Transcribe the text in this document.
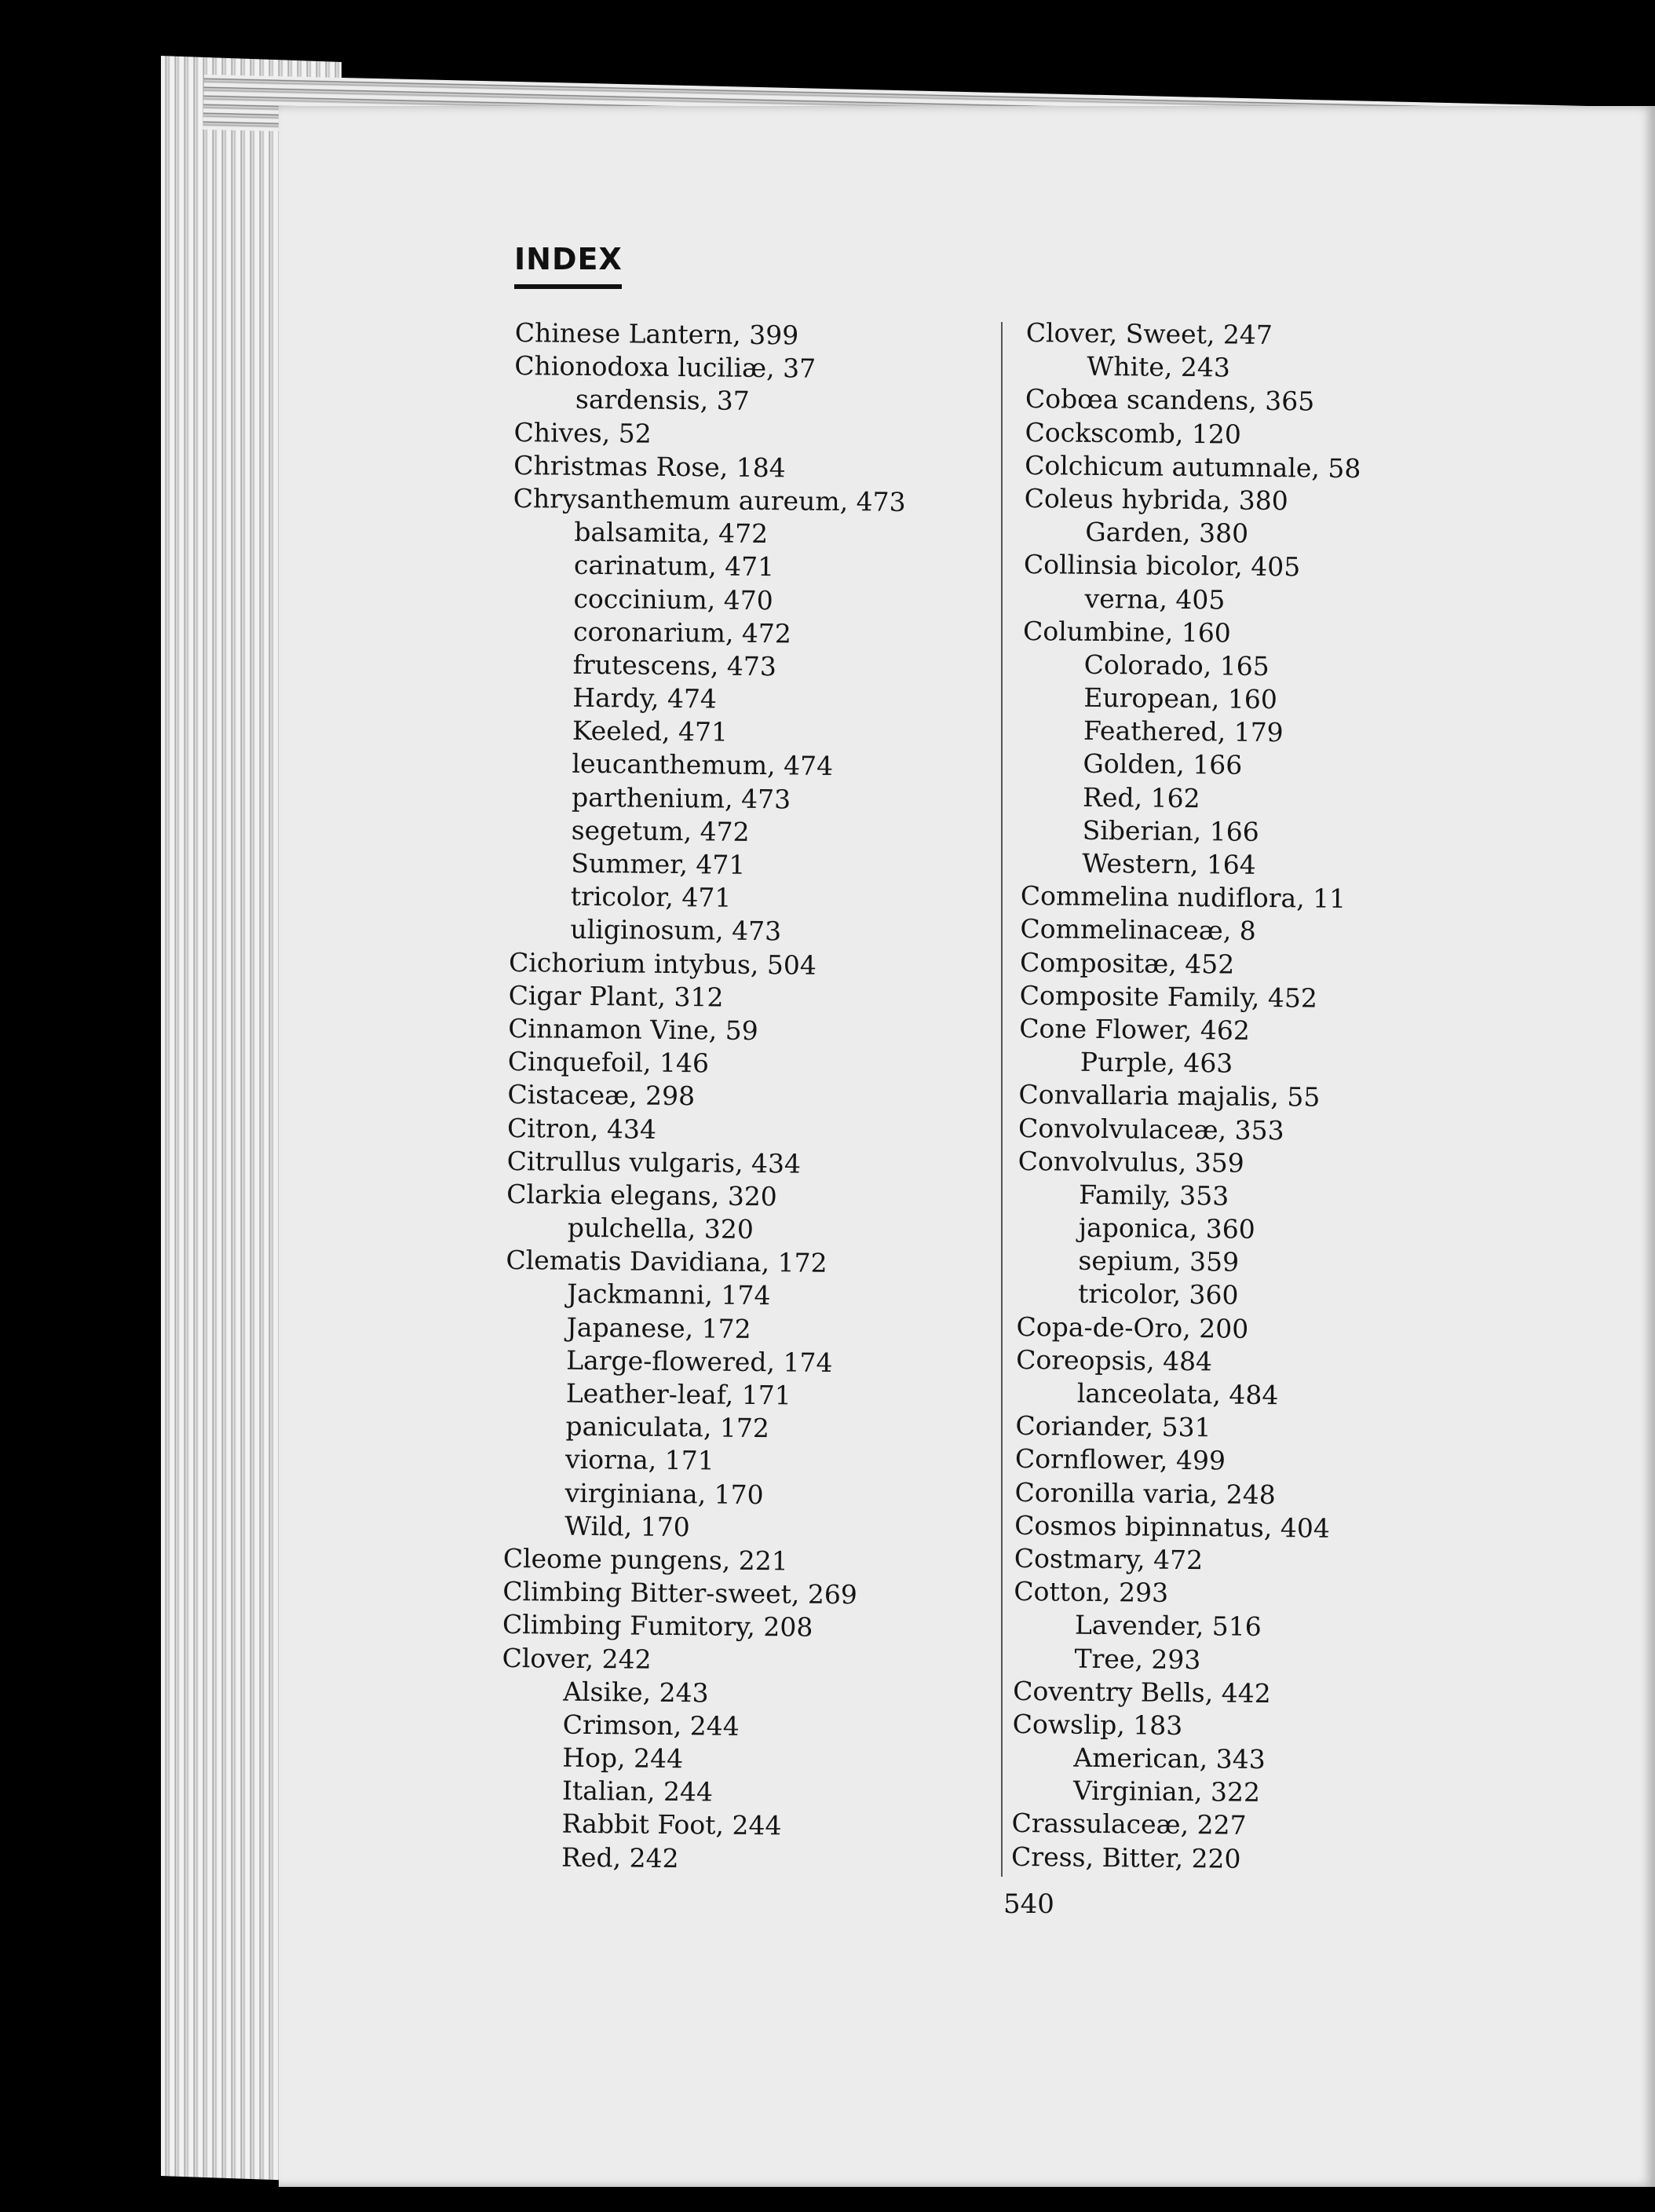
INDEX
Chinese Lantern, 399
Chionodoxa luciliæ, 37
sardensis, 37
Chives, 52
Christmas Rose, 184
Chrysanthemum aureum, 473
balsamita, 472
carinatum, 471
coccinium, 470
coronarium, 472
frutescens, 473
Hardy, 474
Keeled, 471
leucanthemum, 474
parthenium, 473
segetum, 472
Summer, 471
tricolor, 471
uliginosum, 473
Cichorium intybus, 504
Cigar Plant, 312
Cinnamon Vine, 59
Cinquefoil, 146
Cistaceæ, 298
Citron, 434
Citrullus vulgaris, 434
Clarkia elegans, 320
pulchella, 320
Clematis Davidiana, 172
Jackmanni, 174
Japanese, 172
Large-flowered, 174
Leather-leaf, 171
paniculata, 172
viorna, 171
virginiana, 170
Wild, 170
Cleome pungens, 221
Climbing Bitter-sweet, 269
Climbing Fumitory, 208
Clover, 242
Alsike, 243
Crimson, 244
Hop, 244
Italian, 244
Rabbit Foot, 244
Red, 242
Clover, Sweet, 247
White, 243
Cobœa scandens, 365
Cockscomb, 120
Colchicum autumnale, 58
Coleus hybrida, 380
Garden, 380
Collinsia bicolor, 405
verna, 405
Columbine, 160
Colorado, 165
European, 160
Feathered, 179
Golden, 166
Red, 162
Siberian, 166
Western, 164
Commelina nudiflora, 11
Commelinaceæ, 8
Compositæ, 452
Composite Family, 452
Cone Flower, 462
Purple, 463
Convallaria majalis, 55
Convolvulaceæ, 353
Convolvulus, 359
Family, 353
japonica, 360
sepium, 359
tricolor, 360
Copa-de-Oro, 200
Coreopsis, 484
lanceolata, 484
Coriander, 531
Cornflower, 499
Coronilla varia, 248
Cosmos bipinnatus, 404
Costmary, 472
Cotton, 293
Lavender, 516
Tree, 293
Coventry Bells, 442
Cowslip, 183
American, 343
Virginian, 322
Crassulaceæ, 227
Cress, Bitter, 220
540
